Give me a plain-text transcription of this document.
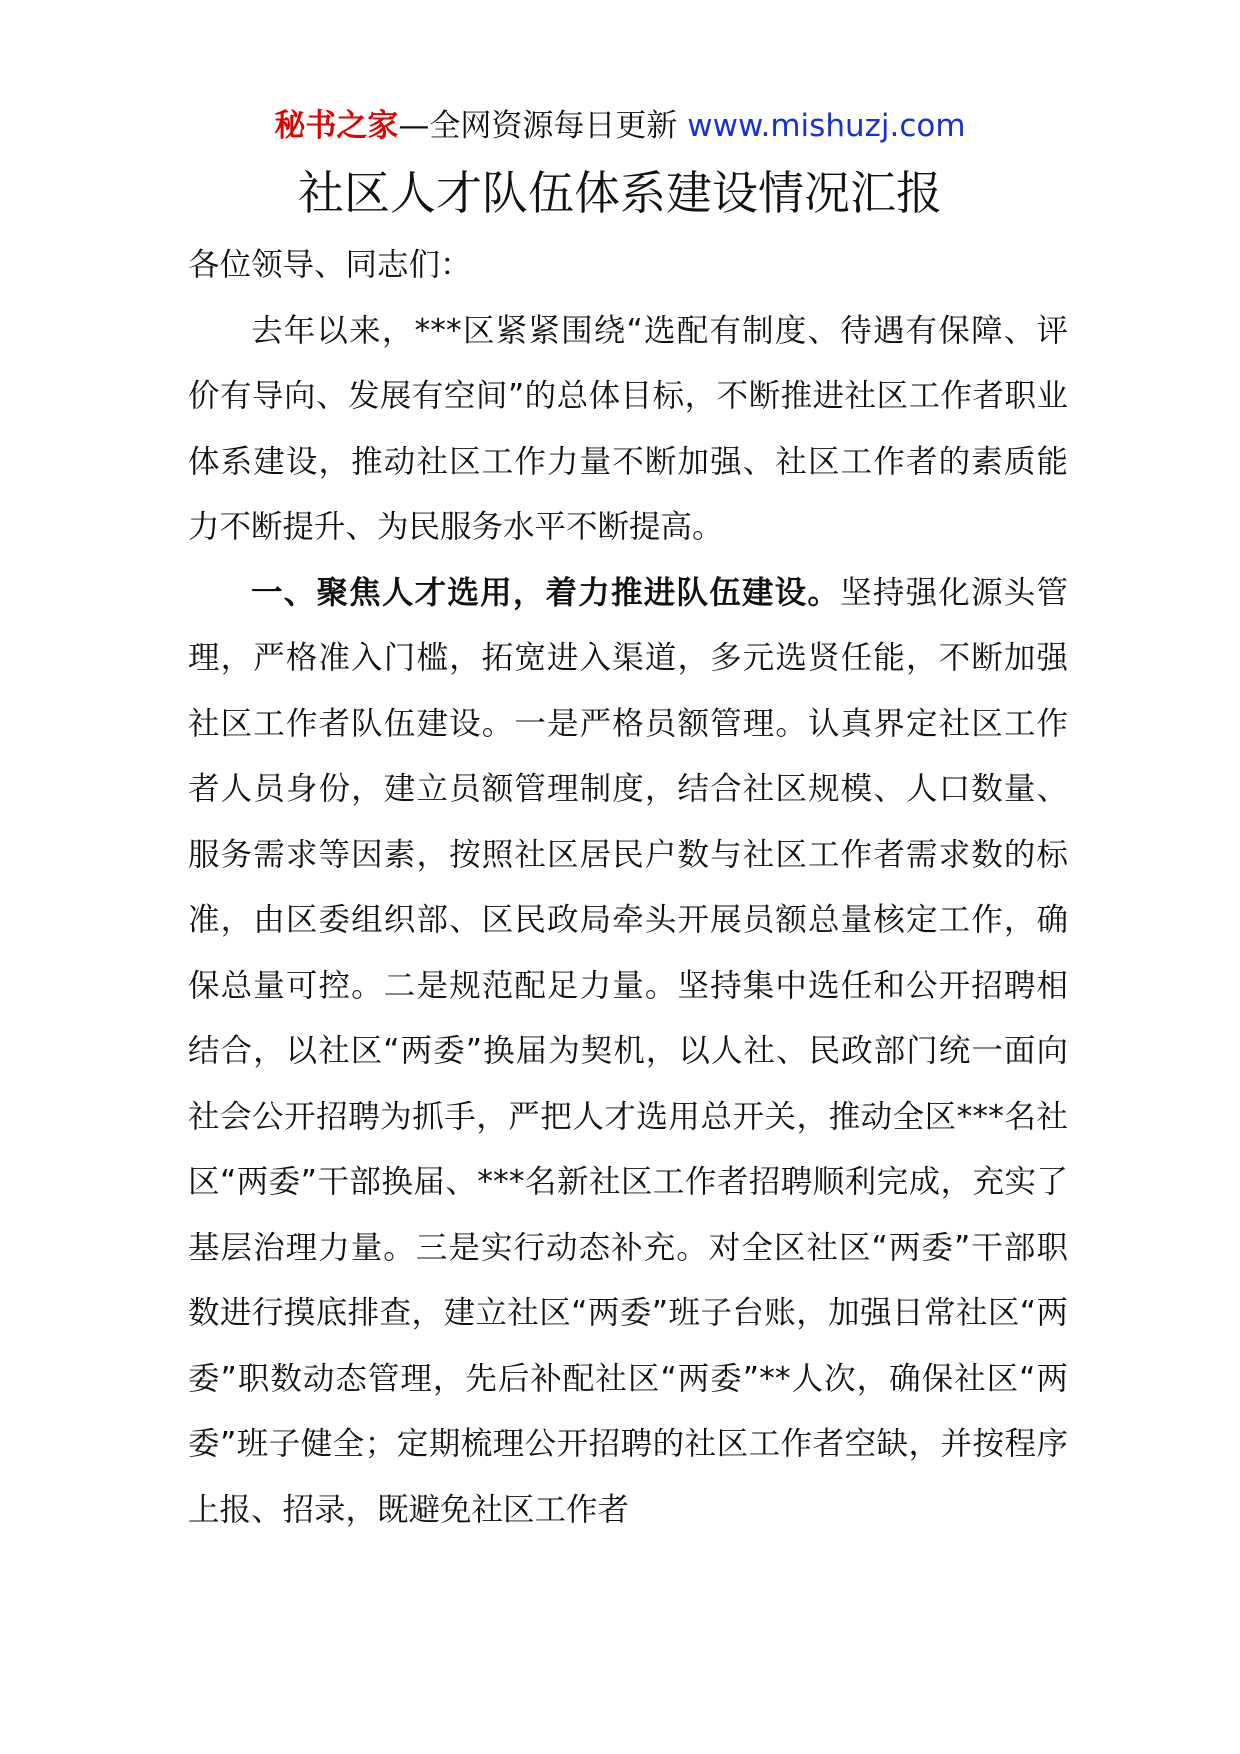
秘书之家—全网资源每日更新 www.mishuzj.com
社区人才队伍体系建设情况汇报

各位领导、同志们：

去年以来，***区紧紧围绕“选配有制度、待遇有保障、评价有导向、发展有空间”的总体目标，不断推进社区工作者职业体系建设，推动社区工作力量不断加强、社区工作者的素质能力不断提升、为民服务水平不断提高。

一、聚焦人才选用，着力推进队伍建设。坚持强化源头管理，严格准入门槛，拓宽进入渠道，多元选贤任能，不断加强社区工作者队伍建设。一是严格员额管理。认真界定社区工作者人员身份，建立员额管理制度，结合社区规模、人口数量、服务需求等因素，按照社区居民户数与社区工作者需求数的标准，由区委组织部、区民政局牵头开展员额总量核定工作，确保总量可控。二是规范配足力量。坚持集中选任和公开招聘相结合，以社区“两委”换届为契机，以人社、民政部门统一面向社会公开招聘为抓手，严把人才选用总开关，推动全区***名社区“两委”干部换届、***名新社区工作者招聘顺利完成，充实了基层治理力量。三是实行动态补充。对全区社区“两委”干部职数进行摸底排查，建立社区“两委”班子台账，加强日常社区“两委”职数动态管理，先后补配社区“两委”**人次，确保社区“两委”班子健全；定期梳理公开招聘的社区工作者空缺，并按程序上报、招录，既避免社区工作者
